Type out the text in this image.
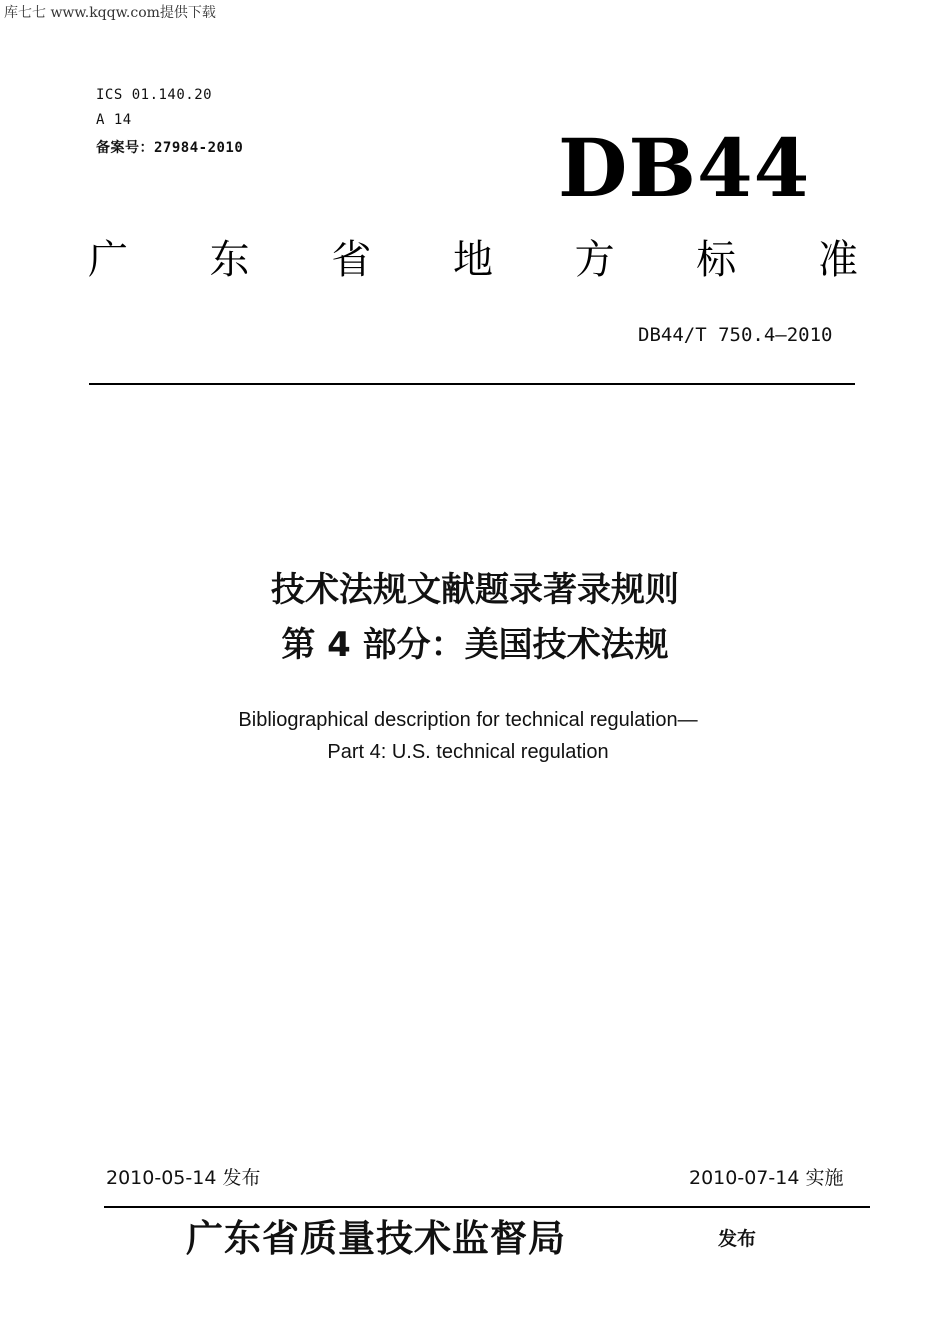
库七七 www.kqqw.com提供下载
ICS 01.140.20
A 14
备案号：27984-2010	DB44
广 东 省 地 方 标 准
DB44/T 750.4—2010
技术法规文献题录著录规则
第 4 部分：美国技术法规
Bibliographical description for technical regulation—
Part 4: U.S. technical regulation
2010-05-14 发布	2010-07-14 实施
广东省质量技术监督局	发布
